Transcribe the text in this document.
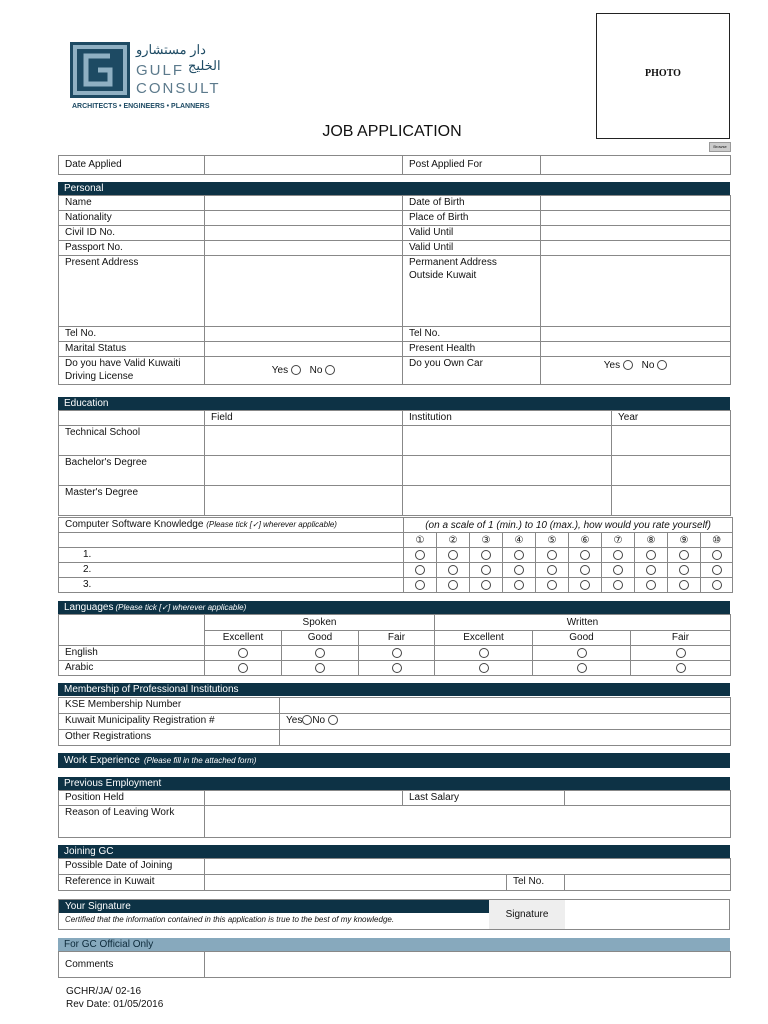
دار مستشارو
الخليج
GULF
CONSULT
ARCHITECTS • ENGINEERS • PLANNERS
PHOTO
Browse
JOB APPLICATION
Date Applied		Post Applied For	
Personal
Name		Date of Birth	
Nationality		Place of Birth	
Civil ID No.		Valid Until	
Passport No.		Valid Until	
Present Address		Permanent Address Outside Kuwait	
Tel No.		Tel No.	
Marital Status		Present Health	
Do you have Valid Kuwaiti Driving License	Yes No	Do you Own Car	Yes No
Education
	Field	Institution	Year
Technical School			
Bachelor's Degree			
Master's Degree			
Computer Software Knowledge (Please tick [✓] wherever applicable)	(on a scale of 1 (min.) to 10 (max.), how would you rate yourself)									
	①	②	③	④	⑤	⑥	⑦	⑧	⑨	⑩
1.										
2.										
3.										
Languages (Please tick [✓] wherever applicable)
	Spoken			Written		
	Excellent	Good	Fair	Excellent	Good	Fair
English						
Arabic						
Membership of Professional Institutions
KSE Membership Number	
Kuwait Municipality Registration #	Yes No
Other Registrations	
Work Experience (Please fill in the attached form)
Previous Employment
Position Held		Last Salary	
Reason of Leaving Work			
Joining GC
Possible Date of Joining			
Reference in Kuwait		Tel No.	
Your Signature
Certified that the information contained in this application is true to the best of my knowledge.	Signature
For GC Official Only
Comments	
GCHR/JA/ 02-16
Rev Date: 01/05/2016
